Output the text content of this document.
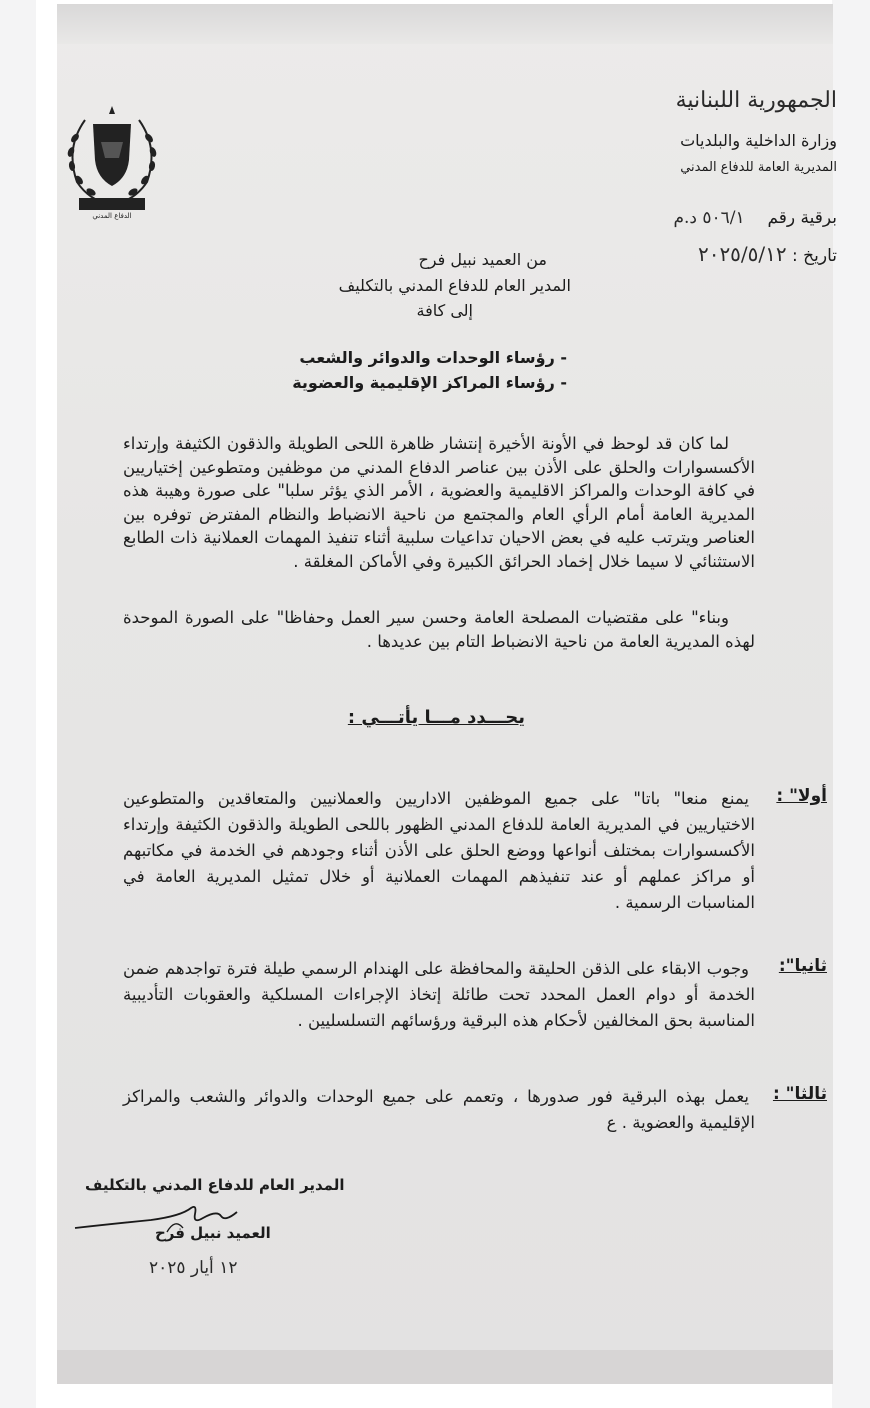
الدفاع المدني
الجمهورية اللبنانية
وزارة الداخلية والبلديات
المديرية العامة للدفاع المدني
برقية رقم  ٥٠٦/١ د.م
تاريخ : ٢٠٢٥/٥/١٢
من العميد نبيل فرح
المدير العام للدفاع المدني بالتكليف
إلى كافة
- رؤساء الوحدات والدوائر والشعب
- رؤساء المراكز الإقليمية والعضوية
لما كان قد لوحظ في الأونة الأخيرة إنتشار ظاهرة اللحى الطويلة والذقون الكثيفة وإرتداء الأكسسوارات والحلق على الأذن بين عناصر الدفاع المدني من موظفين ومتطوعين إختياريين في كافة الوحدات والمراكز الاقليمية والعضوية ، الأمر الذي يؤثر سلبا" على صورة وهيبة هذه المديرية العامة أمام الرأي العام والمجتمع من ناحية الانضباط والنظام المفترض توفره بين العناصر ويترتب عليه في بعض الاحيان تداعيات سلبية أثناء تنفيذ المهمات العملانية ذات الطابع الاستثنائي لا سيما خلال إخماد الحرائق الكبيرة وفي الأماكن المغلقة .
وبناء" على مقتضيات المصلحة العامة وحسن سير العمل وحفاظا" على الصورة الموحدة لهذه المديرية العامة من ناحية الانضباط التام بين عديدها .
يحـــدد مـــا يأتـــي :
أولا" :
يمنع منعا" باتا" على جميع الموظفين الاداريين والعملانيين والمتعاقدين والمتطوعين الاختياريين في المديرية العامة للدفاع المدني الظهور باللحى الطويلة والذقون الكثيفة وإرتداء الأكسسوارات بمختلف أنواعها ووضع الحلق على الأذن أثناء وجودهم في الخدمة في مكاتبهم أو مراكز عملهم أو عند تنفيذهم المهمات العملانية أو خلال تمثيل المديرية العامة في المناسبات الرسمية .
ثانيا":
وجوب الابقاء على الذقن الحليقة والمحافظة على الهندام الرسمي طيلة فترة تواجدهم ضمن الخدمة أو دوام العمل المحدد تحت طائلة إتخاذ الإجراءات المسلكية والعقوبات التأديبية المناسبة بحق المخالفين لأحكام هذه البرقية ورؤسائهم التسلسليين .
ثالثا" :
يعمل بهذه البرقية فور صدورها ، وتعمم على جميع الوحدات والدوائر والشعب والمراكز الإقليمية والعضوية . ع
المدير العام للدفاع المدني بالتكليف
العميد نبيل فرح
١٢ أيار ٢٠٢٥
